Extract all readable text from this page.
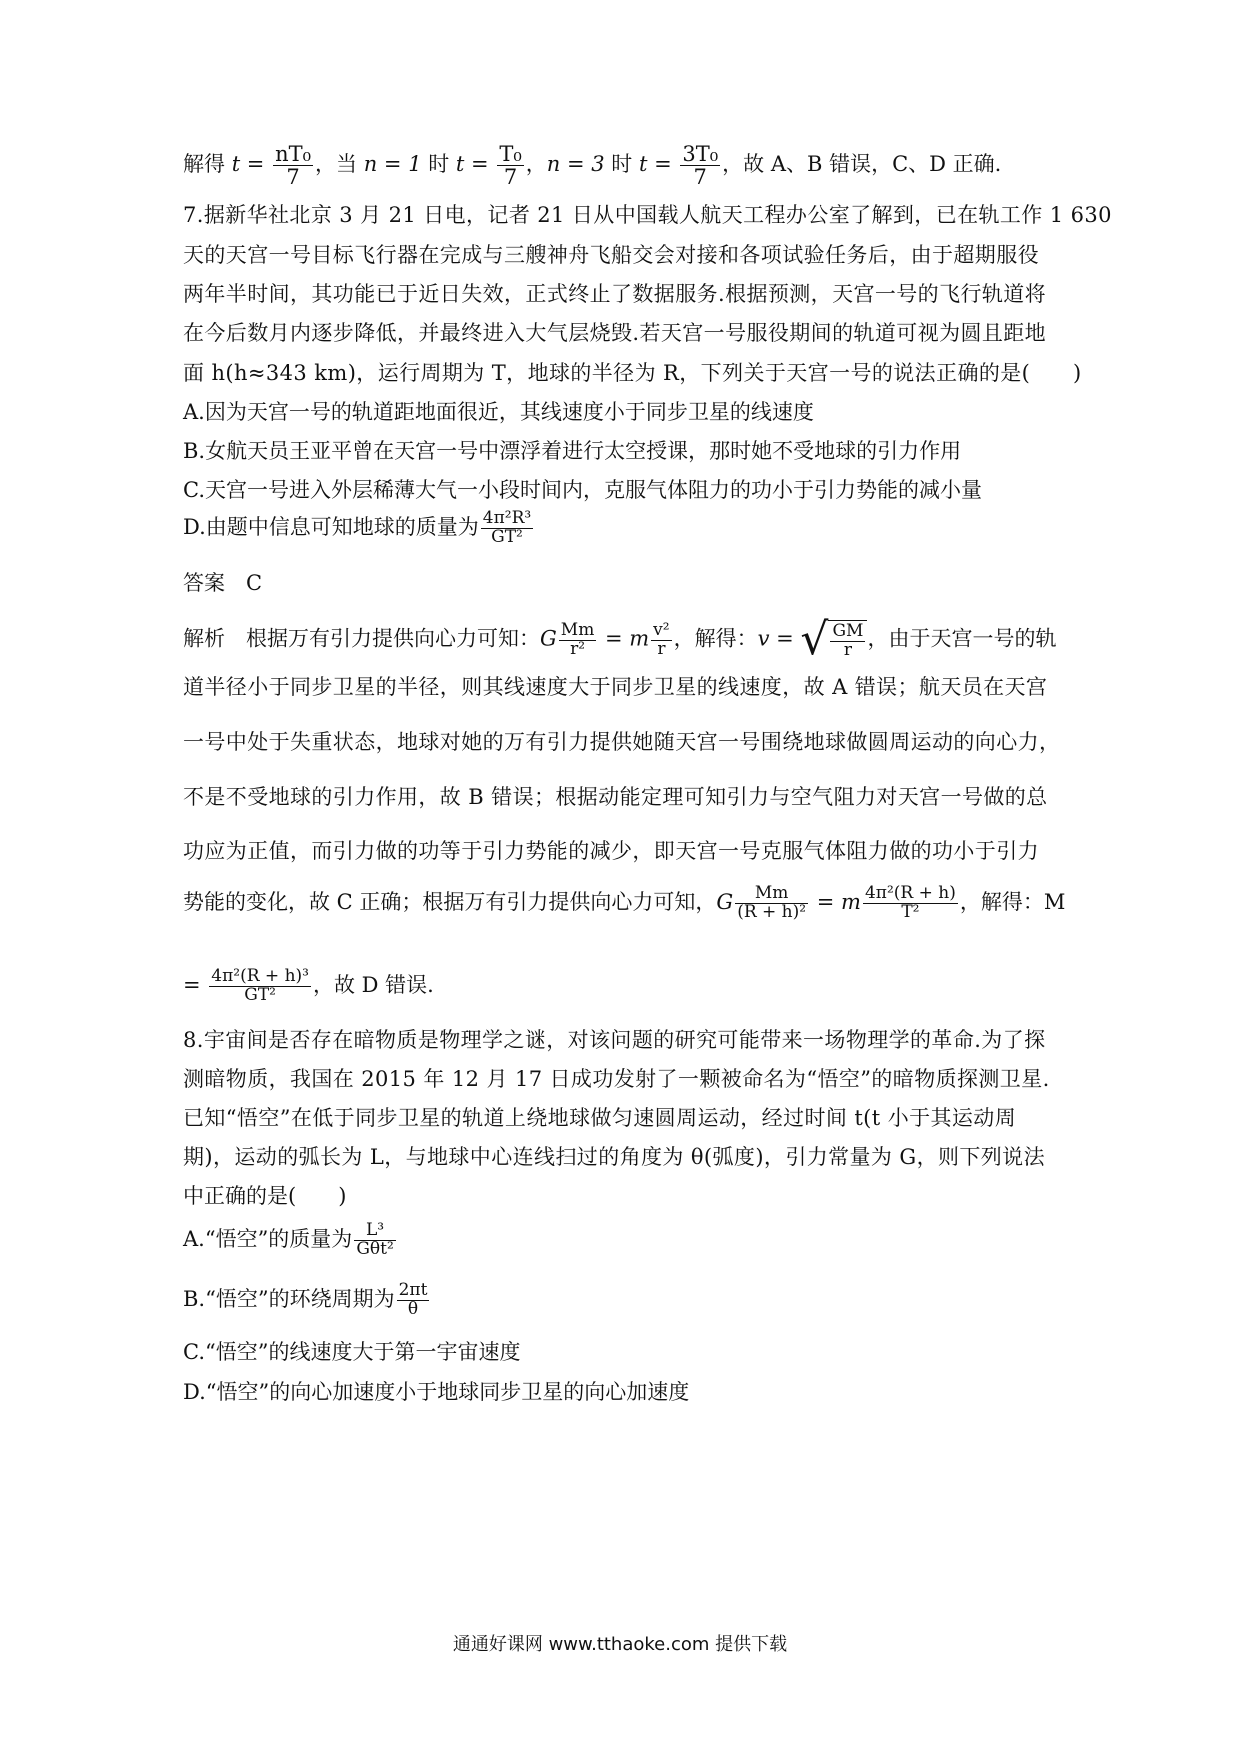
解得 $t = \frac{\text{nT₀}}{7}$ ，当 n = 1 时 $t = \frac{\text{T₀}}{7}$ ，n = 3 时 $t = \frac{\text{3T₀}}{7}$ ，故 A、B 错误，C、D 正确.
7.据新华社北京 3 月 21 日电，记者 21 日从中国载人航天工程办公室了解到，已在轨工作 1 630
天的天宫一号目标飞行器在完成与三艘神舟飞船交会对接和各项试验任务后，由于超期服役
两年半时间，其功能已于近日失效，正式终止了数据服务.根据预测，天宫一号的飞行轨道将
在今后数月内逐步降低，并最终进入大气层烧毁.若天宫一号服役期间的轨道可视为圆且距地
面 h(h≈343 km)，运行周期为 T，地球的半径为 R，下列关于天宫一号的说法正确的是(　　)
A.因为天宫一号的轨道距地面很近，其线速度小于同步卫星的线速度
B.女航天员王亚平曾在天宫一号中漂浮着进行太空授课，那时她不受地球的引力作用
C.天宫一号进入外层稀薄大气一小段时间内，克服气体阻力的功小于引力势能的减小量
D.由题中信息可知地球的质量为 $\frac{\text{4π²R³}}{\text{GT²}}$
答案　C
解析　根据万有引力提供向心力可知：G $\frac{Mm}{\text{r²}} = m \frac{\text{v²}}{r}$ ，解得：v = √ $\frac{GM}{r}$ ，由于天宫一号的轨
道半径小于同步卫星的半径，则其线速度大于同步卫星的线速度，故 A 错误；航天员在天宫
一号中处于失重状态，地球对她的万有引力提供她随天宫一号围绕地球做圆周运动的向心力，
不是不受地球的引力作用，故 B 错误；根据动能定理可知引力与空气阻力对天宫一号做的总
功应为正值，而引力做的功等于引力势能的减少，即天宫一号克服气体阻力做的功小于引力
势能的变化，故 C 正确；根据万有引力提供向心力可知，G $\frac{Mm}{\text{(R + h)²}} = m \frac{\text{4π²(R + h)}}{\text{T²}}$ ，解得：M
= $\frac{\text{4π²(R + h)³}}{\text{GT²}}$ ，故 D 错误.
8.宇宙间是否存在暗物质是物理学之谜，对该问题的研究可能带来一场物理学的革命.为了探
测暗物质，我国在 2015 年 12 月 17 日成功发射了一颗被命名为“悟空”的暗物质探测卫星.
已知“悟空”在低于同步卫星的轨道上绕地球做匀速圆周运动，经过时间 t(t 小于其运动周
期)，运动的弧长为 L，与地球中心连线扫过的角度为 θ(弧度)，引力常量为 G，则下列说法
中正确的是(　　)
A.“悟空”的质量为 L³
Gθt²
B.“悟空”的环绕周期为 $\frac{2\pi t}{\theta}$
C.“悟空”的线速度大于第一宇宙速度
D.“悟空”的向心加速度小于地球同步卫星的向心加速度
通通好课网 www.tthaoke.com 提供下载
